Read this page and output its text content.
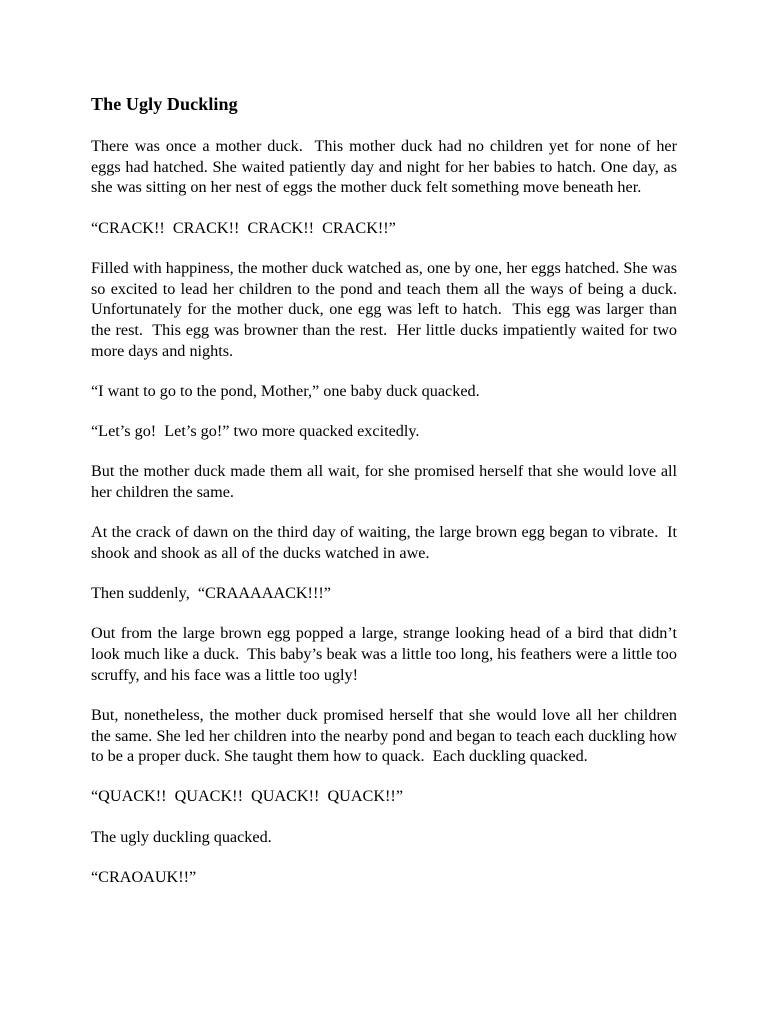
The Ugly Duckling

There was once a mother duck.  This mother duck had no children yet for none of her eggs had hatched. She waited patiently day and night for her babies to hatch. One day, as she was sitting on her nest of eggs the mother duck felt something move beneath her.

“CRACK!!  CRACK!!  CRACK!!  CRACK!!”

Filled with happiness, the mother duck watched as, one by one, her eggs hatched. She was so excited to lead her children to the pond and teach them all the ways of being a duck.  Unfortunately for the mother duck, one egg was left to hatch.  This egg was larger than the rest.  This egg was browner than the rest.  Her little ducks impatiently waited for two more days and nights.

“I want to go to the pond, Mother,” one baby duck quacked.

“Let’s go!  Let’s go!” two more quacked excitedly.

But the mother duck made them all wait, for she promised herself that she would love all her children the same.

At the crack of dawn on the third day of waiting, the large brown egg began to vibrate.  It shook and shook as all of the ducks watched in awe.

Then suddenly,  “CRAAAAACK!!!”

Out from the large brown egg popped a large, strange looking head of a bird that didn’t look much like a duck.  This baby’s beak was a little too long, his feathers were a little too scruffy, and his face was a little too ugly!

But, nonetheless, the mother duck promised herself that she would love all her children the same. She led her children into the nearby pond and began to teach each duckling how to be a proper duck. She taught them how to quack.  Each duckling quacked.

“QUACK!!  QUACK!!  QUACK!!  QUACK!!”

The ugly duckling quacked.

“CRAOAUK!!”
